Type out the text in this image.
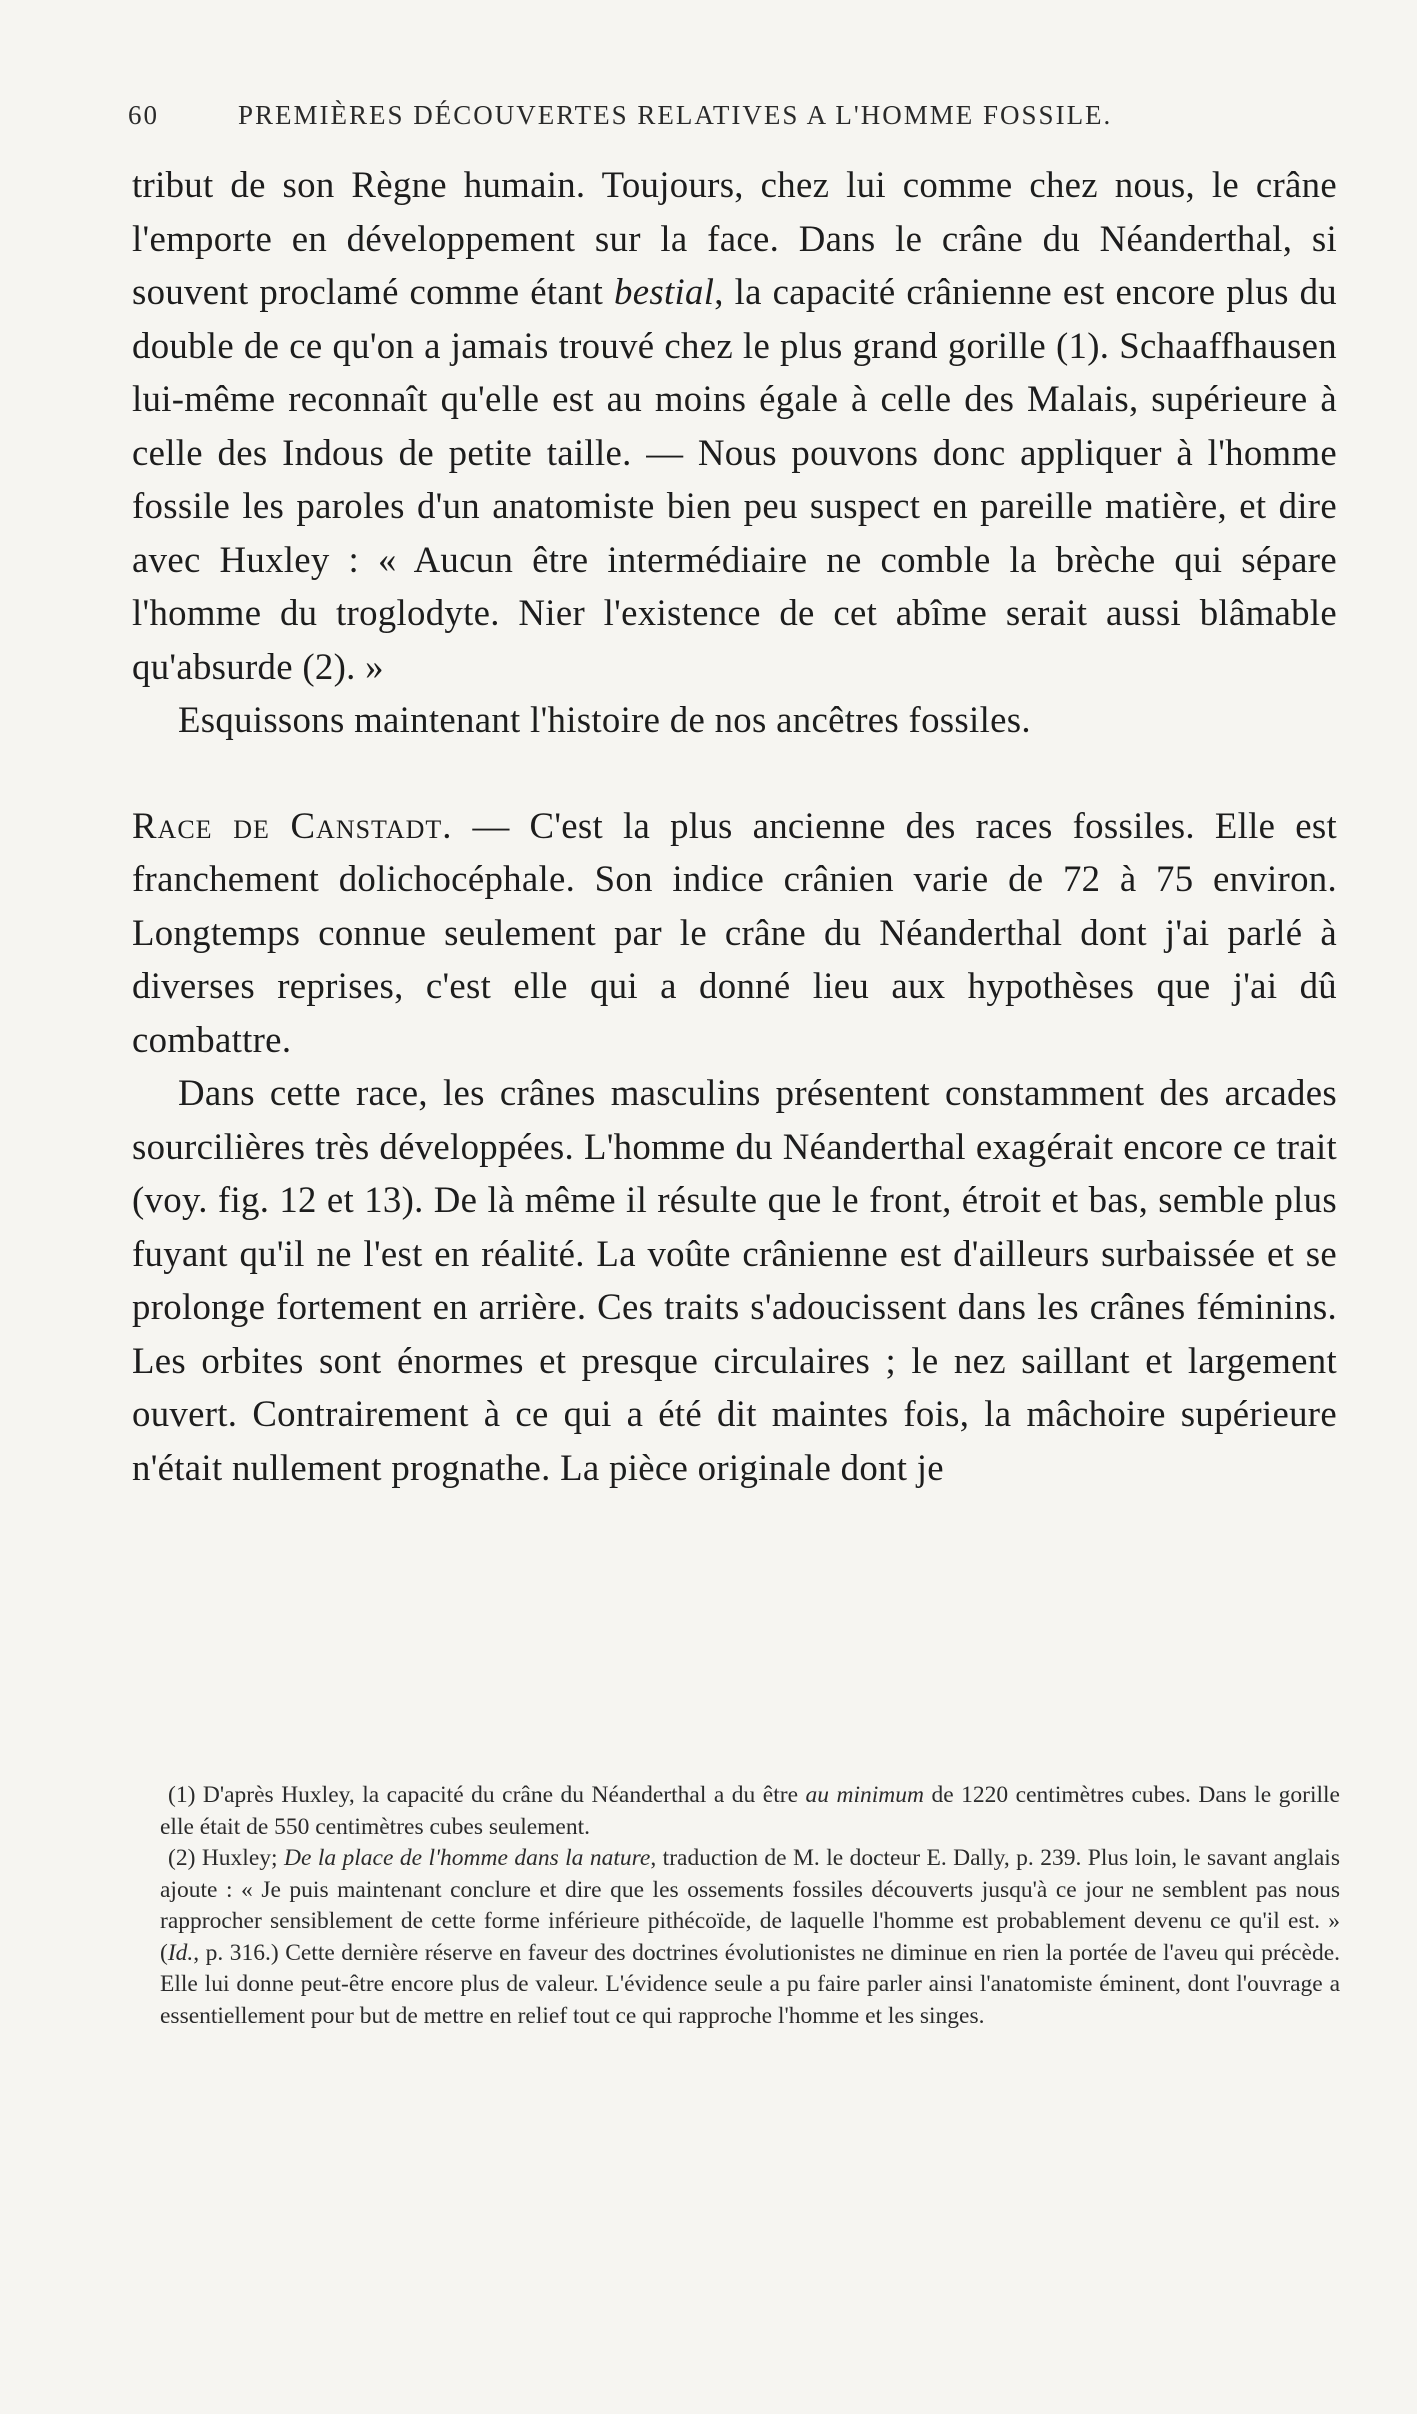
60	PREMIÈRES DÉCOUVERTES RELATIVES A L'HOMME FOSSILE.

tribut de son Règne humain. Toujours, chez lui comme chez nous, le crâne l'emporte en développement sur la face. Dans le crâne du Néanderthal, si souvent proclamé comme étant bestial, la capacité crânienne est encore plus du double de ce qu'on a jamais trouvé chez le plus grand gorille (1). Schaaffhausen lui-même reconnaît qu'elle est au moins égale à celle des Malais, supérieure à celle des Indous de petite taille. — Nous pouvons donc appliquer à l'homme fossile les paroles d'un anatomiste bien peu suspect en pareille matière, et dire avec Huxley : « Aucun être intermédiaire ne comble la brèche qui sépare l'homme du troglodyte. Nier l'existence de cet abîme serait aussi blâmable qu'absurde (2). »

Esquissons maintenant l'histoire de nos ancêtres fossiles.

Race de Canstadt. — C'est la plus ancienne des races fossiles. Elle est franchement dolichocéphale. Son indice crânien varie de 72 à 75 environ. Longtemps connue seulement par le crâne du Néanderthal dont j'ai parlé à diverses reprises, c'est elle qui a donné lieu aux hypothèses que j'ai dû combattre.

Dans cette race, les crânes masculins présentent constamment des arcades sourcilières très développées. L'homme du Néanderthal exagérait encore ce trait (voy. fig. 12 et 13). De là même il résulte que le front, étroit et bas, semble plus fuyant qu'il ne l'est en réalité. La voûte crânienne est d'ailleurs surbaissée et se prolonge fortement en arrière. Ces traits s'adoucissent dans les crânes féminins. Les orbites sont énormes et presque circulaires ; le nez saillant et largement ouvert. Contrairement à ce qui a été dit maintes fois, la mâchoire supérieure n'était nullement prognathe. La pièce originale dont je

(1) D'après Huxley, la capacité du crâne du Néanderthal a du être au minimum de 1220 centimètres cubes. Dans le gorille elle était de 550 centimètres cubes seulement.

(2) Huxley; De la place de l'homme dans la nature, traduction de M. le docteur E. Dally, p. 239. Plus loin, le savant anglais ajoute : « Je puis maintenant conclure et dire que les ossements fossiles découverts jusqu'à ce jour ne semblent pas nous rapprocher sensiblement de cette forme inférieure pithécoïde, de laquelle l'homme est probablement devenu ce qu'il est. » (Id., p. 316.) Cette dernière réserve en faveur des doctrines évolutionistes ne diminue en rien la portée de l'aveu qui précède. Elle lui donne peut-être encore plus de valeur. L'évidence seule a pu faire parler ainsi l'anatomiste éminent, dont l'ouvrage a essentiellement pour but de mettre en relief tout ce qui rapproche l'homme et les singes.
